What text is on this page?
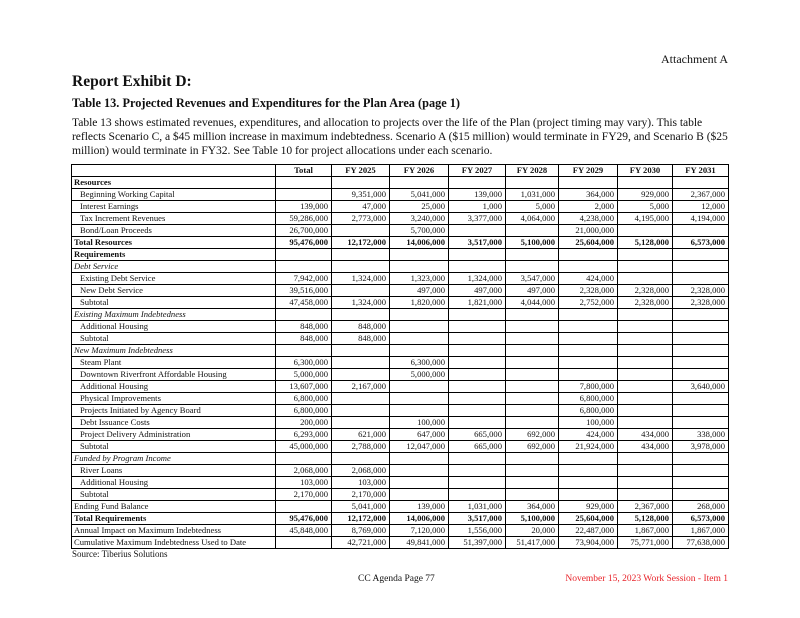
Attachment A
Report Exhibit D:
Table 13. Projected Revenues and Expenditures for the Plan Area (page 1)
Table 13 shows estimated revenues, expenditures, and allocation to projects over the life of the Plan (project timing may vary). This table reflects Scenario C, a $45 million increase in maximum indebtedness. Scenario A ($15 million) would terminate in FY29, and Scenario B ($25 million) would terminate in FY32. See Table 10 for project allocations under each scenario.
	Total	FY 2025	FY 2026	FY 2027	FY 2028	FY 2029	FY 2030	FY 2031
Resources								
Beginning Working Capital		9,351,000	5,041,000	139,000	1,031,000	364,000	929,000	2,367,000
Interest Earnings	139,000	47,000	25,000	1,000	5,000	2,000	5,000	12,000
Tax Increment Revenues	59,286,000	2,773,000	3,240,000	3,377,000	4,064,000	4,238,000	4,195,000	4,194,000
Bond/Loan Proceeds	26,700,000		5,700,000			21,000,000		
Total Resources	95,476,000	12,172,000	14,006,000	3,517,000	5,100,000	25,604,000	5,128,000	6,573,000
Requirements								
Debt Service								
Existing Debt Service	7,942,000	1,324,000	1,323,000	1,324,000	3,547,000	424,000		
New Debt Service	39,516,000		497,000	497,000	497,000	2,328,000	2,328,000	2,328,000
Subtotal	47,458,000	1,324,000	1,820,000	1,821,000	4,044,000	2,752,000	2,328,000	2,328,000
Existing Maximum Indebtedness								
Additional Housing	848,000	848,000						
Subtotal	848,000	848,000						
New Maximum Indebtedness								
Steam Plant	6,300,000		6,300,000					
Downtown Riverfront Affordable Housing	5,000,000		5,000,000					
Additional Housing	13,607,000	2,167,000				7,800,000		3,640,000
Physical Improvements	6,800,000					6,800,000		
Projects Initiated by Agency Board	6,800,000					6,800,000		
Debt Issuance Costs	200,000		100,000			100,000		
Project Delivery Administration	6,293,000	621,000	647,000	665,000	692,000	424,000	434,000	338,000
Subtotal	45,000,000	2,788,000	12,047,000	665,000	692,000	21,924,000	434,000	3,978,000
Funded by Program Income								
River Loans	2,068,000	2,068,000						
Additional Housing	103,000	103,000						
Subtotal	2,170,000	2,170,000						
Ending Fund Balance		5,041,000	139,000	1,031,000	364,000	929,000	2,367,000	268,000
Total Requirements	95,476,000	12,172,000	14,006,000	3,517,000	5,100,000	25,604,000	5,128,000	6,573,000
Annual Impact on Maximum Indebtedness	45,848,000	8,769,000	7,120,000	1,556,000	20,000	22,487,000	1,867,000	1,867,000
Cumulative Maximum Indebtedness Used to Date		42,721,000	49,841,000	51,397,000	51,417,000	73,904,000	75,771,000	77,638,000
Source: Tiberius Solutions
CC Agenda Page 77	November 15, 2023 Work Session - Item 1
